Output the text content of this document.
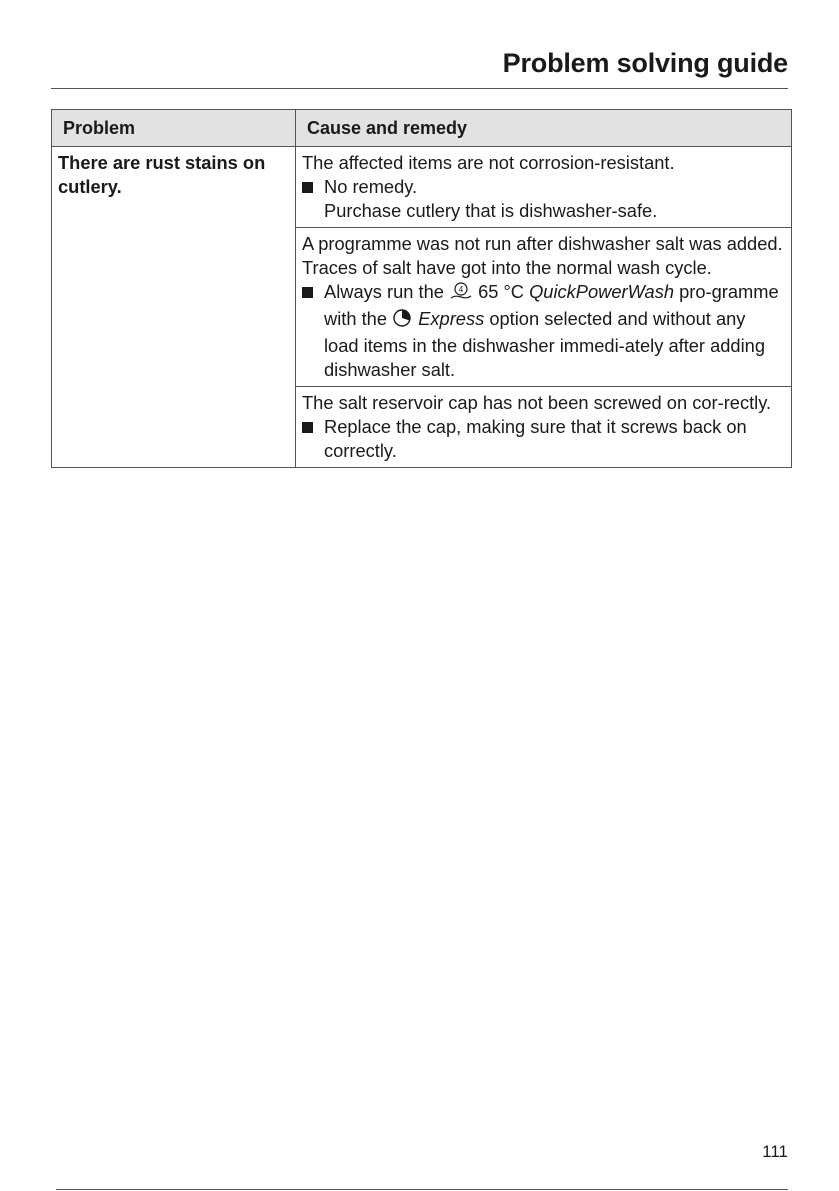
Problem solving guide
Problem	Cause and remedy
There are rust stains on cutlery.	The affected items are not corrosion-resistant.

No remedy.
Purchase cutlery that is dishwasher-safe.

	A programme was not run after dishwasher salt was added. Traces of salt have got into the normal wash cycle.

Always run the 4 65 °C QuickPowerWash pro-gramme with the  Express option selected and without any load items in the dishwasher immedi-ately after adding dishwasher salt.

	The salt reservoir cap has not been screwed on cor-rectly.

Replace the cap, making sure that it screws back on correctly.

111
